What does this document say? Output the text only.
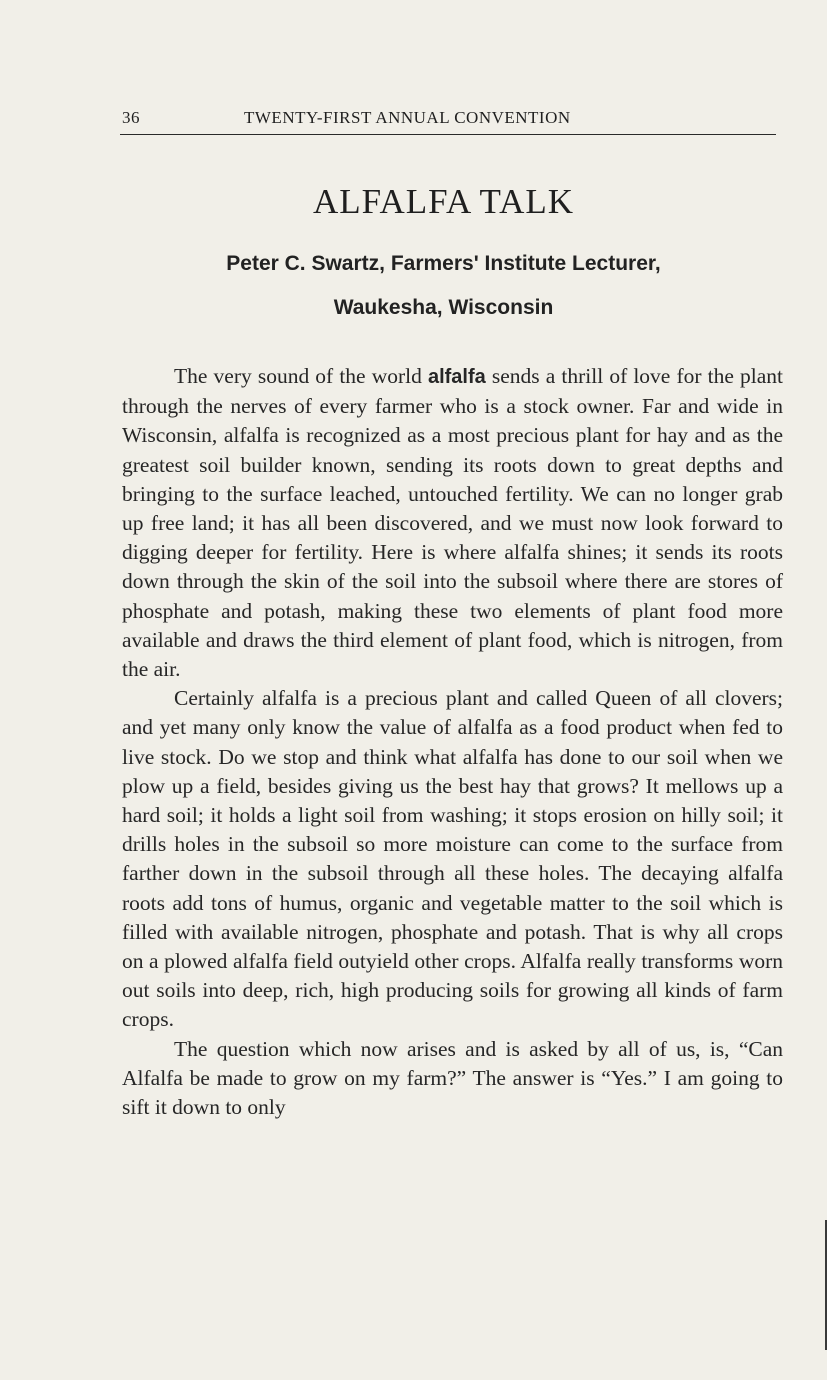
36	TWENTY-FIRST ANNUAL CONVENTION
ALFALFA TALK
Peter C. Swartz, Farmers' Institute Lecturer,
Waukesha, Wisconsin

The very sound of the world alfalfa sends a thrill of love for the plant through the nerves of every farmer who is a stock owner. Far and wide in Wisconsin, alfalfa is recognized as a most precious plant for hay and as the greatest soil builder known, sending its roots down to great depths and bringing to the surface leached, untouched fertility. We can no longer grab up free land; it has all been discovered, and we must now look forward to digging deeper for fertility. Here is where alfalfa shines; it sends its roots down through the skin of the soil into the subsoil where there are stores of phosphate and potash, making these two elements of plant food more available and draws the third element of plant food, which is nitrogen, from the air.

Certainly alfalfa is a precious plant and called Queen of all clovers; and yet many only know the value of alfalfa as a food product when fed to live stock. Do we stop and think what alfalfa has done to our soil when we plow up a field, besides giving us the best hay that grows? It mellows up a hard soil; it holds a light soil from washing; it stops erosion on hilly soil; it drills holes in the subsoil so more moisture can come to the surface from farther down in the subsoil through all these holes. The decaying alfalfa roots add tons of humus, organic and vegetable matter to the soil which is filled with available nitrogen, phosphate and potash. That is why all crops on a plowed alfalfa field outyield other crops. Alfalfa really transforms worn out soils into deep, rich, high producing soils for growing all kinds of farm crops.

The question which now arises and is asked by all of us, is, “Can Alfalfa be made to grow on my farm?” The answer is “Yes.” I am going to sift it down to only
